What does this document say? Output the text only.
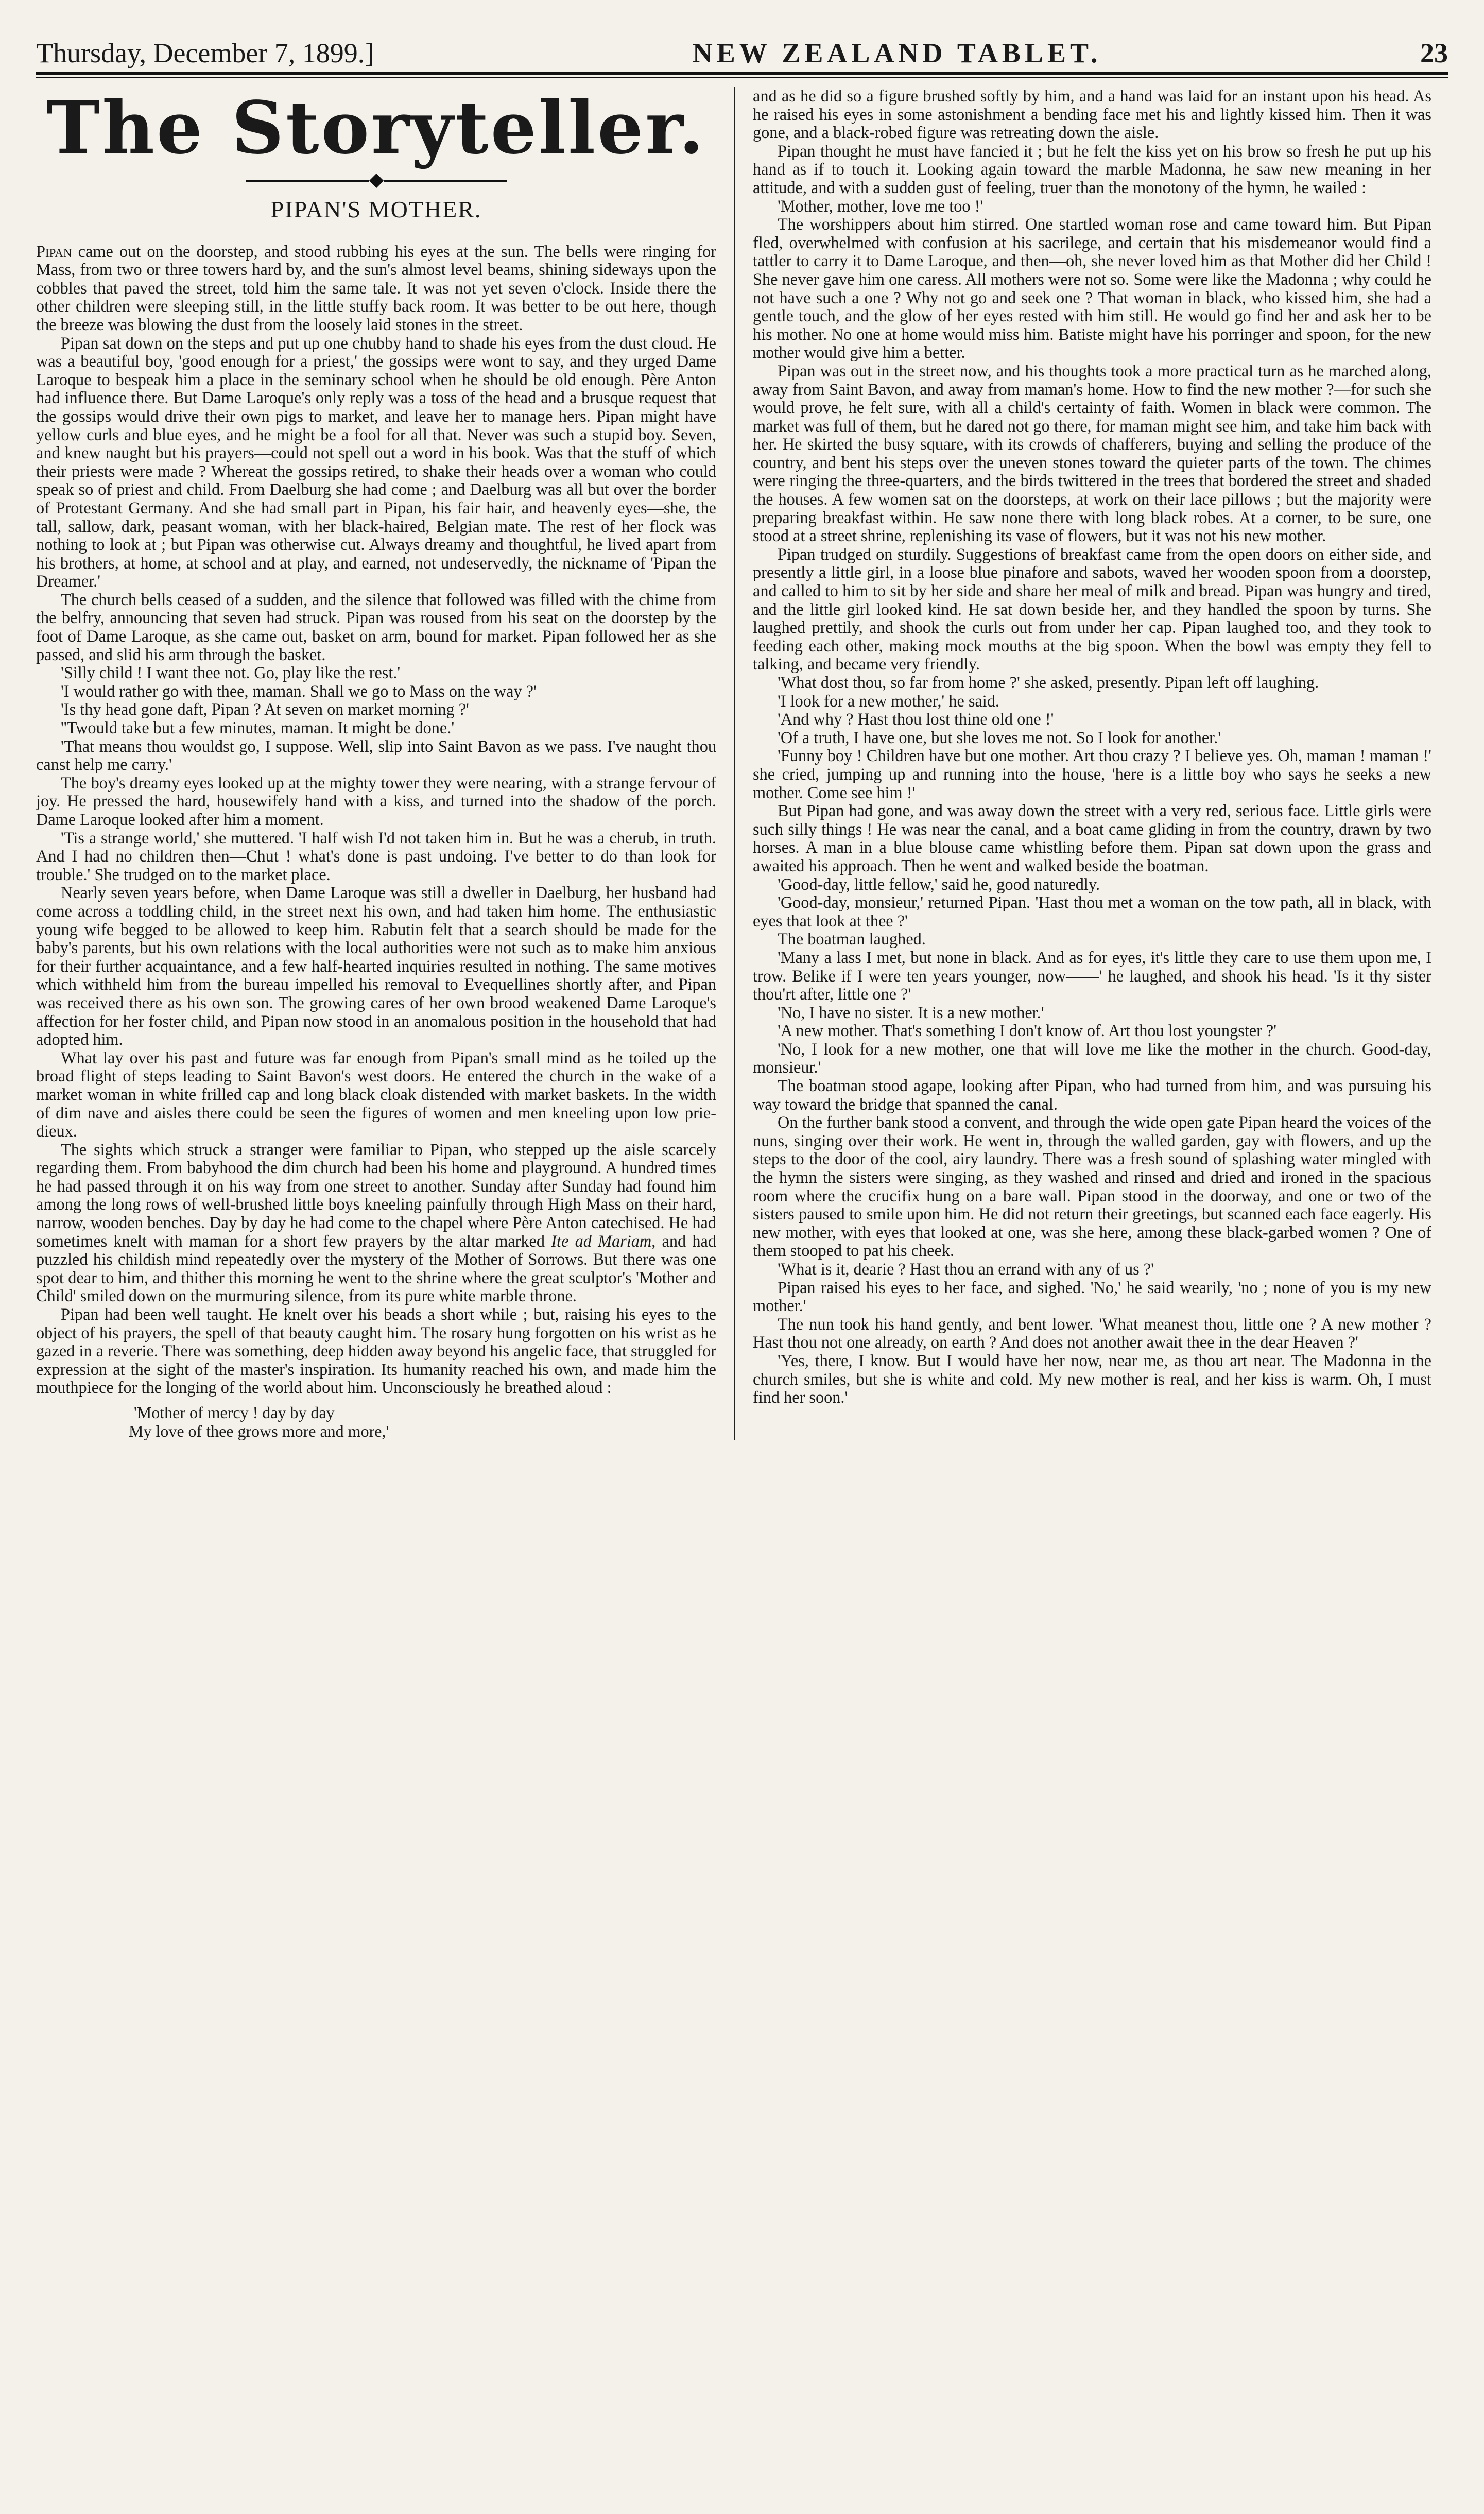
Thursday, December 7, 1899.]	NEW ZEALAND TABLET.	23
The Storyteller.
PIPAN'S MOTHER.

Pipan came out on the doorstep, and stood rubbing his eyes at the sun. The bells were ringing for Mass, from two or three towers hard by, and the sun's almost level beams, shining sideways upon the cobbles that paved the street, told him the same tale. It was not yet seven o'clock. Inside there the other children were sleeping still, in the little stuffy back room. It was better to be out here, though the breeze was blowing the dust from the loosely laid stones in the street.

Pipan sat down on the steps and put up one chubby hand to shade his eyes from the dust cloud. He was a beautiful boy, 'good enough for a priest,' the gossips were wont to say, and they urged Dame Laroque to bespeak him a place in the seminary school when he should be old enough. Père Anton had influence there. But Dame Laroque's only reply was a toss of the head and a brusque request that the gossips would drive their own pigs to market, and leave her to manage hers. Pipan might have yellow curls and blue eyes, and he might be a fool for all that. Never was such a stupid boy. Seven, and knew naught but his prayers—could not spell out a word in his book. Was that the stuff of which their priests were made ? Whereat the gossips retired, to shake their heads over a woman who could speak so of priest and child. From Daelburg she had come ; and Daelburg was all but over the border of Protestant Germany. And she had small part in Pipan, his fair hair, and heavenly eyes—she, the tall, sallow, dark, peasant woman, with her black-haired, Belgian mate. The rest of her flock was nothing to look at ; but Pipan was otherwise cut. Always dreamy and thoughtful, he lived apart from his brothers, at home, at school and at play, and earned, not undeservedly, the nickname of 'Pipan the Dreamer.'

The church bells ceased of a sudden, and the silence that followed was filled with the chime from the belfry, announcing that seven had struck. Pipan was roused from his seat on the doorstep by the foot of Dame Laroque, as she came out, basket on arm, bound for market. Pipan followed her as she passed, and slid his arm through the basket.

'Silly child ! I want thee not. Go, play like the rest.'

'I would rather go with thee, maman. Shall we go to Mass on the way ?'

'Is thy head gone daft, Pipan ? At seven on market morning ?'

''Twould take but a few minutes, maman. It might be done.'

'That means thou wouldst go, I suppose. Well, slip into Saint Bavon as we pass. I've naught thou canst help me carry.'

The boy's dreamy eyes looked up at the mighty tower they were nearing, with a strange fervour of joy. He pressed the hard, housewifely hand with a kiss, and turned into the shadow of the porch. Dame Laroque looked after him a moment.

'Tis a strange world,' she muttered. 'I half wish I'd not taken him in. But he was a cherub, in truth. And I had no children then—Chut ! what's done is past undoing. I've better to do than look for trouble.' She trudged on to the market place.

Nearly seven years before, when Dame Laroque was still a dweller in Daelburg, her husband had come across a toddling child, in the street next his own, and had taken him home. The enthusiastic young wife begged to be allowed to keep him. Rabutin felt that a search should be made for the baby's parents, but his own relations with the local authorities were not such as to make him anxious for their further acquaintance, and a few half-hearted inquiries resulted in nothing. The same motives which withheld him from the bureau impelled his removal to Evequellines shortly after, and Pipan was received there as his own son. The growing cares of her own brood weakened Dame Laroque's affection for her foster child, and Pipan now stood in an anomalous position in the household that had adopted him.

What lay over his past and future was far enough from Pipan's small mind as he toiled up the broad flight of steps leading to Saint Bavon's west doors. He entered the church in the wake of a market woman in white frilled cap and long black cloak distended with market baskets. In the width of dim nave and aisles there could be seen the figures of women and men kneeling upon low prie-dieux.

The sights which struck a stranger were familiar to Pipan, who stepped up the aisle scarcely regarding them. From babyhood the dim church had been his home and playground. A hundred times he had passed through it on his way from one street to another. Sunday after Sunday had found him among the long rows of well-brushed little boys kneeling painfully through High Mass on their hard, narrow, wooden benches. Day by day he had come to the chapel where Père Anton catechised. He had sometimes knelt with maman for a short few prayers by the altar marked Ite ad Mariam, and had puzzled his childish mind repeatedly over the mystery of the Mother of Sorrows. But there was one spot dear to him, and thither this morning he went to the shrine where the great sculptor's 'Mother and Child' smiled down on the murmuring silence, from its pure white marble throne.

Pipan had been well taught. He knelt over his beads a short while ; but, raising his eyes to the object of his prayers, the spell of that beauty caught him. The rosary hung forgotten on his wrist as he gazed in a reverie. There was something, deep hidden away beyond his angelic face, that struggled for expression at the sight of the master's inspiration. Its humanity reached his own, and made him the mouthpiece for the longing of the world about him. Unconsciously he breathed aloud :

'Mother of mercy ! day by day
My love of thee grows more and more,'

and as he did so a figure brushed softly by him, and a hand was laid for an instant upon his head. As he raised his eyes in some astonishment a bending face met his and lightly kissed him. Then it was gone, and a black-robed figure was retreating down the aisle.

Pipan thought he must have fancied it ; but he felt the kiss yet on his brow so fresh he put up his hand as if to touch it. Looking again toward the marble Madonna, he saw new meaning in her attitude, and with a sudden gust of feeling, truer than the monotony of the hymn, he wailed :

'Mother, mother, love me too !'

The worshippers about him stirred. One startled woman rose and came toward him. But Pipan fled, overwhelmed with confusion at his sacrilege, and certain that his misdemeanor would find a tattler to carry it to Dame Laroque, and then—oh, she never loved him as that Mother did her Child ! She never gave him one caress. All mothers were not so. Some were like the Madonna ; why could he not have such a one ? Why not go and seek one ? That woman in black, who kissed him, she had a gentle touch, and the glow of her eyes rested with him still. He would go find her and ask her to be his mother. No one at home would miss him. Batiste might have his porringer and spoon, for the new mother would give him a better.

Pipan was out in the street now, and his thoughts took a more practical turn as he marched along, away from Saint Bavon, and away from maman's home. How to find the new mother ?—for such she would prove, he felt sure, with all a child's certainty of faith. Women in black were common. The market was full of them, but he dared not go there, for maman might see him, and take him back with her. He skirted the busy square, with its crowds of chafferers, buying and selling the produce of the country, and bent his steps over the uneven stones toward the quieter parts of the town. The chimes were ringing the three-quarters, and the birds twittered in the trees that bordered the street and shaded the houses. A few women sat on the doorsteps, at work on their lace pillows ; but the majority were preparing breakfast within. He saw none there with long black robes. At a corner, to be sure, one stood at a street shrine, replenishing its vase of flowers, but it was not his new mother.

Pipan trudged on sturdily. Suggestions of breakfast came from the open doors on either side, and presently a little girl, in a loose blue pinafore and sabots, waved her wooden spoon from a doorstep, and called to him to sit by her side and share her meal of milk and bread. Pipan was hungry and tired, and the little girl looked kind. He sat down beside her, and they handled the spoon by turns. She laughed prettily, and shook the curls out from under her cap. Pipan laughed too, and they took to feeding each other, making mock mouths at the big spoon. When the bowl was empty they fell to talking, and became very friendly.

'What dost thou, so far from home ?' she asked, presently. Pipan left off laughing.

'I look for a new mother,' he said.

'And why ? Hast thou lost thine old one !'

'Of a truth, I have one, but she loves me not. So I look for another.'

'Funny boy ! Children have but one mother. Art thou crazy ? I believe yes. Oh, maman ! maman !' she cried, jumping up and running into the house, 'here is a little boy who says he seeks a new mother. Come see him !'

But Pipan had gone, and was away down the street with a very red, serious face. Little girls were such silly things ! He was near the canal, and a boat came gliding in from the country, drawn by two horses. A man in a blue blouse came whistling before them. Pipan sat down upon the grass and awaited his approach. Then he went and walked beside the boatman.

'Good-day, little fellow,' said he, good naturedly.

'Good-day, monsieur,' returned Pipan. 'Hast thou met a woman on the tow path, all in black, with eyes that look at thee ?'

The boatman laughed.

'Many a lass I met, but none in black. And as for eyes, it's little they care to use them upon me, I trow. Belike if I were ten years younger, now——' he laughed, and shook his head. 'Is it thy sister thou'rt after, little one ?'

'No, I have no sister. It is a new mother.'

'A new mother. That's something I don't know of. Art thou lost youngster ?'

'No, I look for a new mother, one that will love me like the mother in the church. Good-day, monsieur.'

The boatman stood agape, looking after Pipan, who had turned from him, and was pursuing his way toward the bridge that spanned the canal.

On the further bank stood a convent, and through the wide open gate Pipan heard the voices of the nuns, singing over their work. He went in, through the walled garden, gay with flowers, and up the steps to the door of the cool, airy laundry. There was a fresh sound of splashing water mingled with the hymn the sisters were singing, as they washed and rinsed and dried and ironed in the spacious room where the crucifix hung on a bare wall. Pipan stood in the doorway, and one or two of the sisters paused to smile upon him. He did not return their greetings, but scanned each face eagerly. His new mother, with eyes that looked at one, was she here, among these black-garbed women ? One of them stooped to pat his cheek.

'What is it, dearie ? Hast thou an errand with any of us ?'

Pipan raised his eyes to her face, and sighed. 'No,' he said wearily, 'no ; none of you is my new mother.'

The nun took his hand gently, and bent lower. 'What meanest thou, little one ? A new mother ? Hast thou not one already, on earth ? And does not another await thee in the dear Heaven ?'

'Yes, there, I know. But I would have her now, near me, as thou art near. The Madonna in the church smiles, but she is white and cold. My new mother is real, and her kiss is warm. Oh, I must find her soon.'
